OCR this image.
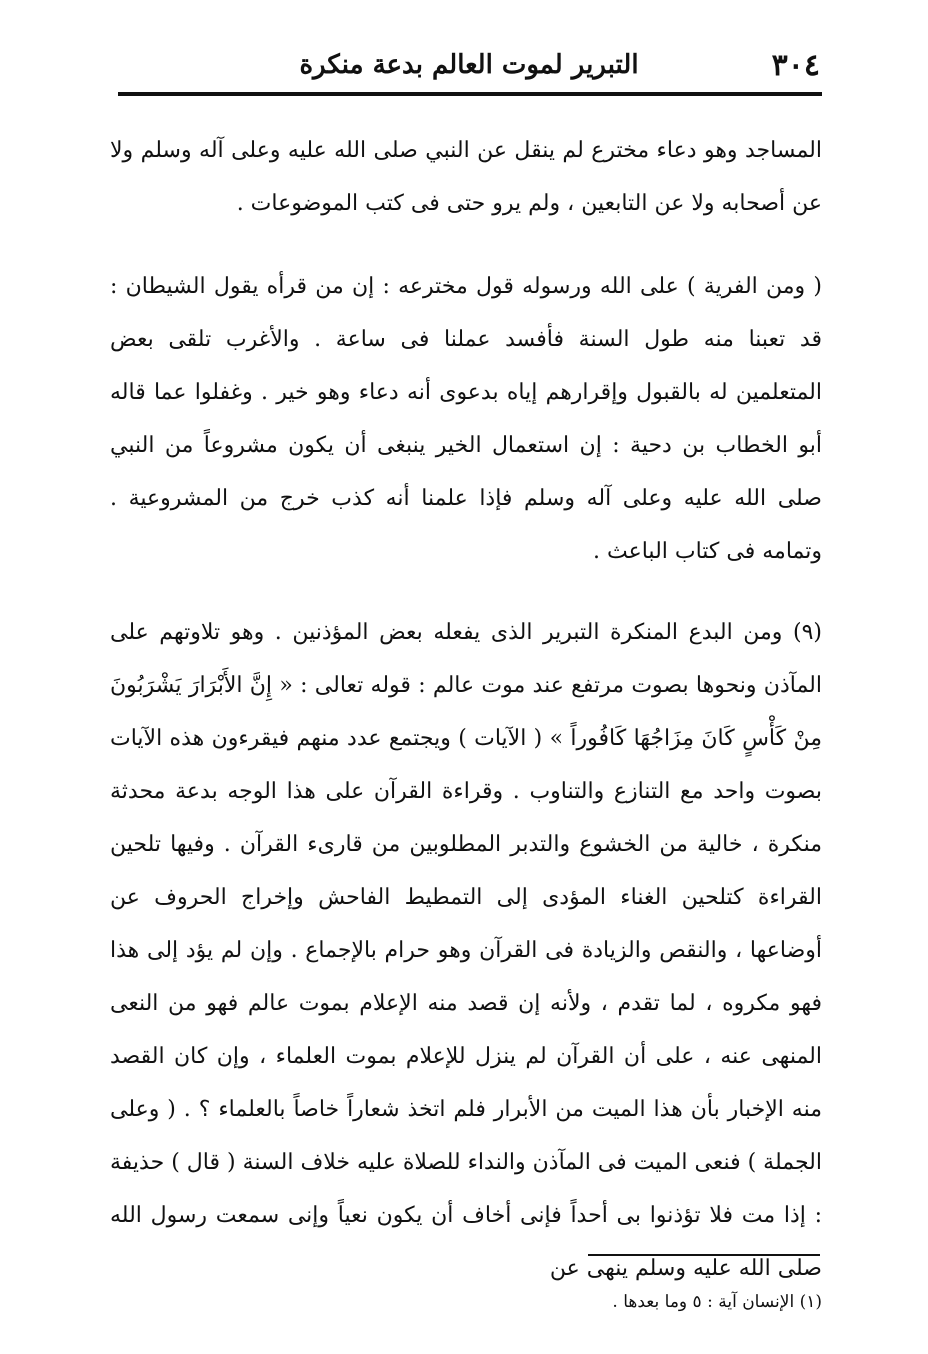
٣٠٤
التبرير لموت العالم بدعة منكرة

المساجد وهو دعاء مخترع لم ينقل عن النبي صلى الله عليه وعلى آله وسلم ولا عن أصحابه ولا عن التابعين ، ولم يرو حتى فى كتب الموضوعات .

( ومن الفرية ) على الله ورسوله قول مخترعه : إن من قرأه يقول الشيطان : قد تعبنا منه طول السنة فأفسد عملنا فى ساعة . والأغرب تلقى بعض المتعلمين له بالقبول وإقرارهم إياه بدعوى أنه دعاء وهو خير . وغفلوا عما قاله أبو الخطاب بن دحية : إن استعمال الخير ينبغى أن يكون مشروعاً من النبي صلى الله عليه وعلى آله وسلم فإذا علمنا أنه كذب خرج من المشروعية . وتمامه فى كتاب الباعث .

(٩) ومن البدع المنكرة التبرير الذى يفعله بعض المؤذنين . وهو تلاوتهم على المآذن ونحوها بصوت مرتفع عند موت عالم : قوله تعالى : « إِنَّ الأَبْرَارَ يَشْرَبُونَ مِنْ كَأْسٍ كَانَ مِزَاجُهَا كَافُوراً » ( الآيات ) ويجتمع عدد منهم فيقرءون هذه الآيات بصوت واحد مع التنازع والتناوب . وقراءة القرآن على هذا الوجه بدعة محدثة منكرة ، خالية من الخشوع والتدبر المطلوبين من قارىء القرآن . وفيها تلحين القراءة كتلحين الغناء المؤدى إلى التمطيط الفاحش وإخراج الحروف عن أوضاعها ، والنقص والزيادة فى القرآن وهو حرام بالإجماع . وإن لم يؤد إلى هذا فهو مكروه ، لما تقدم ، ولأنه إن قصد منه الإعلام بموت عالم فهو من النعى المنهى عنه ، على أن القرآن لم ينزل للإعلام بموت العلماء ، وإن كان القصد منه الإخبار بأن هذا الميت من الأبرار فلم اتخذ شعاراً خاصاً بالعلماء ؟ . ( وعلى الجملة ) فنعى الميت فى المآذن والنداء للصلاة عليه خلاف السنة ( قال ) حذيفة : إذا مت فلا تؤذنوا بى أحداً فإنى أخاف أن يكون نعياً وإنى سمعت رسول الله صلى الله عليه وسلم ينهى عن

(١) الإنسان آية : ٥ وما بعدها .
